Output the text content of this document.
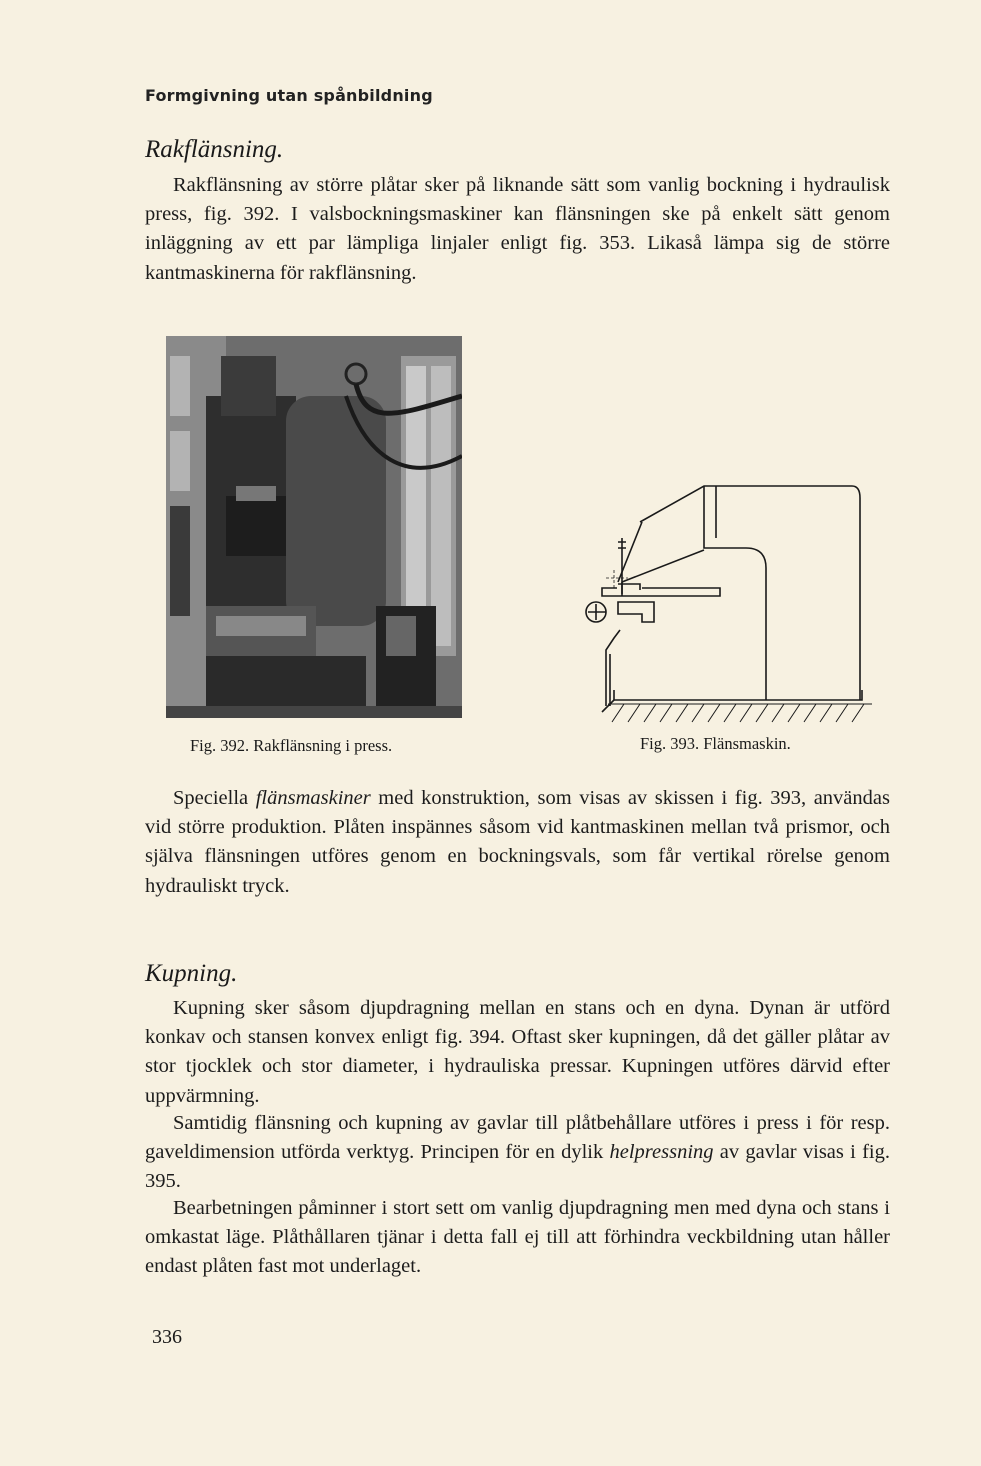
Formgivning utan spånbildning
Rakflänsning.

Rakflänsning av större plåtar sker på liknande sätt som vanlig bockning i hydraulisk press, fig. 392. I valsbockningsmaskiner kan flänsningen ske på enkelt sätt genom inläggning av ett par lämpliga linjaler enligt fig. 353. Likaså lämpa sig de större kantmaskinerna för rakflänsning.

Fig. 392. Rakflänsning i press.	Fig. 393. Flänsmaskin.

Speciella flänsmaskiner med konstruktion, som visas av skissen i fig. 393, användas vid större produktion. Plåten inspännes såsom vid kantmaskinen mellan två prismor, och själva flänsningen utföres genom en bockningsvals, som får vertikal rörelse genom hydrauliskt tryck.

Kupning.

Kupning sker såsom djupdragning mellan en stans och en dyna. Dynan är utförd konkav och stansen konvex enligt fig. 394. Oftast sker kupningen, då det gäller plåtar av stor tjocklek och stor diameter, i hydrauliska pressar. Kupningen utföres därvid efter uppvärmning.

Samtidig flänsning och kupning av gavlar till plåtbehållare utföres i press i för resp. gaveldimension utförda verktyg. Principen för en dylik helpressning av gavlar visas i fig. 395.

Bearbetningen påminner i stort sett om vanlig djupdragning men med dyna och stans i omkastat läge. Plåthållaren tjänar i detta fall ej till att förhindra veckbildning utan håller endast plåten fast mot underlaget.

336
